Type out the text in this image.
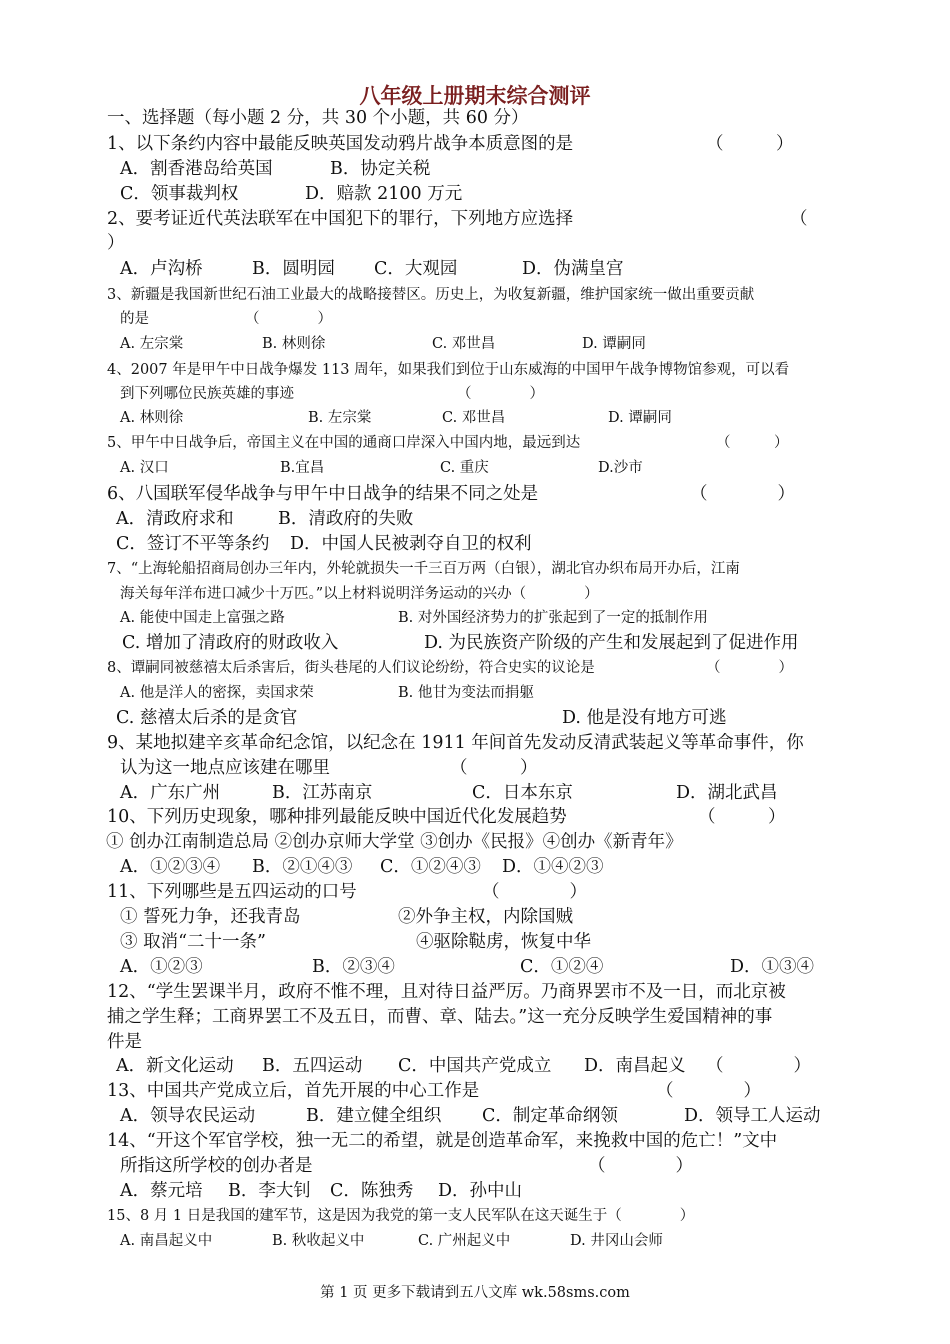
八年级上册期末综合测评
一、选择题（每小题 2 分，共 30 个小题，共 60 分）
1、以下条约内容中最能反映英国发动鸦片战争本质意图的是	（　　　）
A．割香港岛给英国	B．协定关税
C．领事裁判权	D．赔款 2100 万元
2、要考证近代英法联军在中国犯下的罪行，下列地方应选择	（
）
A．卢沟桥	B．圆明园 C．大观园	D．伪满皇宫
3、新疆是我国新世纪石油工业最大的战略接替区。历史上，为收复新疆，维护国家统一做出重要贡献
的是	（　　　　）
A. 左宗棠	B. 林则徐	C. 邓世昌	D. 谭嗣同
4、2007 年是甲午中日战争爆发 113 周年，如果我们到位于山东威海的中国甲午战争博物馆参观，可以看
到下列哪位民族英雄的事迹	（　　　　）
A. 林则徐	B. 左宗棠	C. 邓世昌	D. 谭嗣同
5、甲午中日战争后，帝国主义在中国的通商口岸深入中国内地，最远到达	（　　　）
A. 汉口	B.宜昌	C. 重庆	D.沙市
6、八国联军侵华战争与甲午中日战争的结果不同之处是	（　　　　）
A．清政府求和	B．清政府的失败
C．签订不平等条约 D．中国人民被剥夺自卫的权利
7、“上海轮船招商局创办三年内，外轮就损失一千三百万两（白银），湖北官办织布局开办后，江南
海关每年洋布进口减少十万匹。”以上材料说明洋务运动的兴办（　　　　）
A. 能使中国走上富强之路	B. 对外国经济势力的扩张起到了一定的抵制作用
C. 增加了清政府的财政收入	D. 为民族资产阶级的产生和发展起到了促进作用
8、谭嗣同被慈禧太后杀害后，街头巷尾的人们议论纷纷，符合史实的议论是	（　　　　）
A. 他是洋人的密探，卖国求荣	B. 他甘为变法而捐躯
C. 慈禧太后杀的是贪官	D. 他是没有地方可逃
9、某地拟建辛亥革命纪念馆，以纪念在 1911 年间首先发动反清武装起义等革命事件，你
认为这一地点应该建在哪里	（　　　）
A．广东广州	B．江苏南京	C．日本东京	D．湖北武昌
10、下列历史现象，哪种排列最能反映中国近代化发展趋势	（　　　）
① 创办江南制造总局 ②创办京师大学堂 ③创办《民报》④创办《新青年》
A．①②③④ B．②①④③ C．①②④③ D．①④②③
11、下列哪些是五四运动的口号	（　　　　）
① 誓死力争，还我青岛	②外争主权，内除国贼
③ 取消“二十一条”	④驱除鞑虏，恢复中华
A．①②③	B．②③④	C．①②④	D．①③④
12、“学生罢课半月，政府不惟不理，且对待日益严厉。乃商界罢市不及一日，而北京被
捕之学生释；工商界罢工不及五日，而曹、章、陆去。”这一充分反映学生爱国精神的事
件是
A．新文化运动 B．五四运动 C．中国共产党成立 D．南昌起义 （　　　　）
13、中国共产党成立后，首先开展的中心工作是	（　　　　）
A．领导农民运动	B．建立健全组织 C．制定革命纲领	D．领导工人运动
14、“开这个军官学校，独一无二的希望，就是创造革命军，来挽救中国的危亡！”文中
所指这所学校的创办者是	（　　　　）
A．蔡元培 B．李大钊 C．陈独秀 D．孙中山
15、8 月 1 日是我国的建军节，这是因为我党的第一支人民军队在这天诞生于（　　　　）
A. 南昌起义中	B. 秋收起义中	C. 广州起义中	D. 井冈山会师
第 1 页 更多下载请到五八文库 wk.58sms.com
